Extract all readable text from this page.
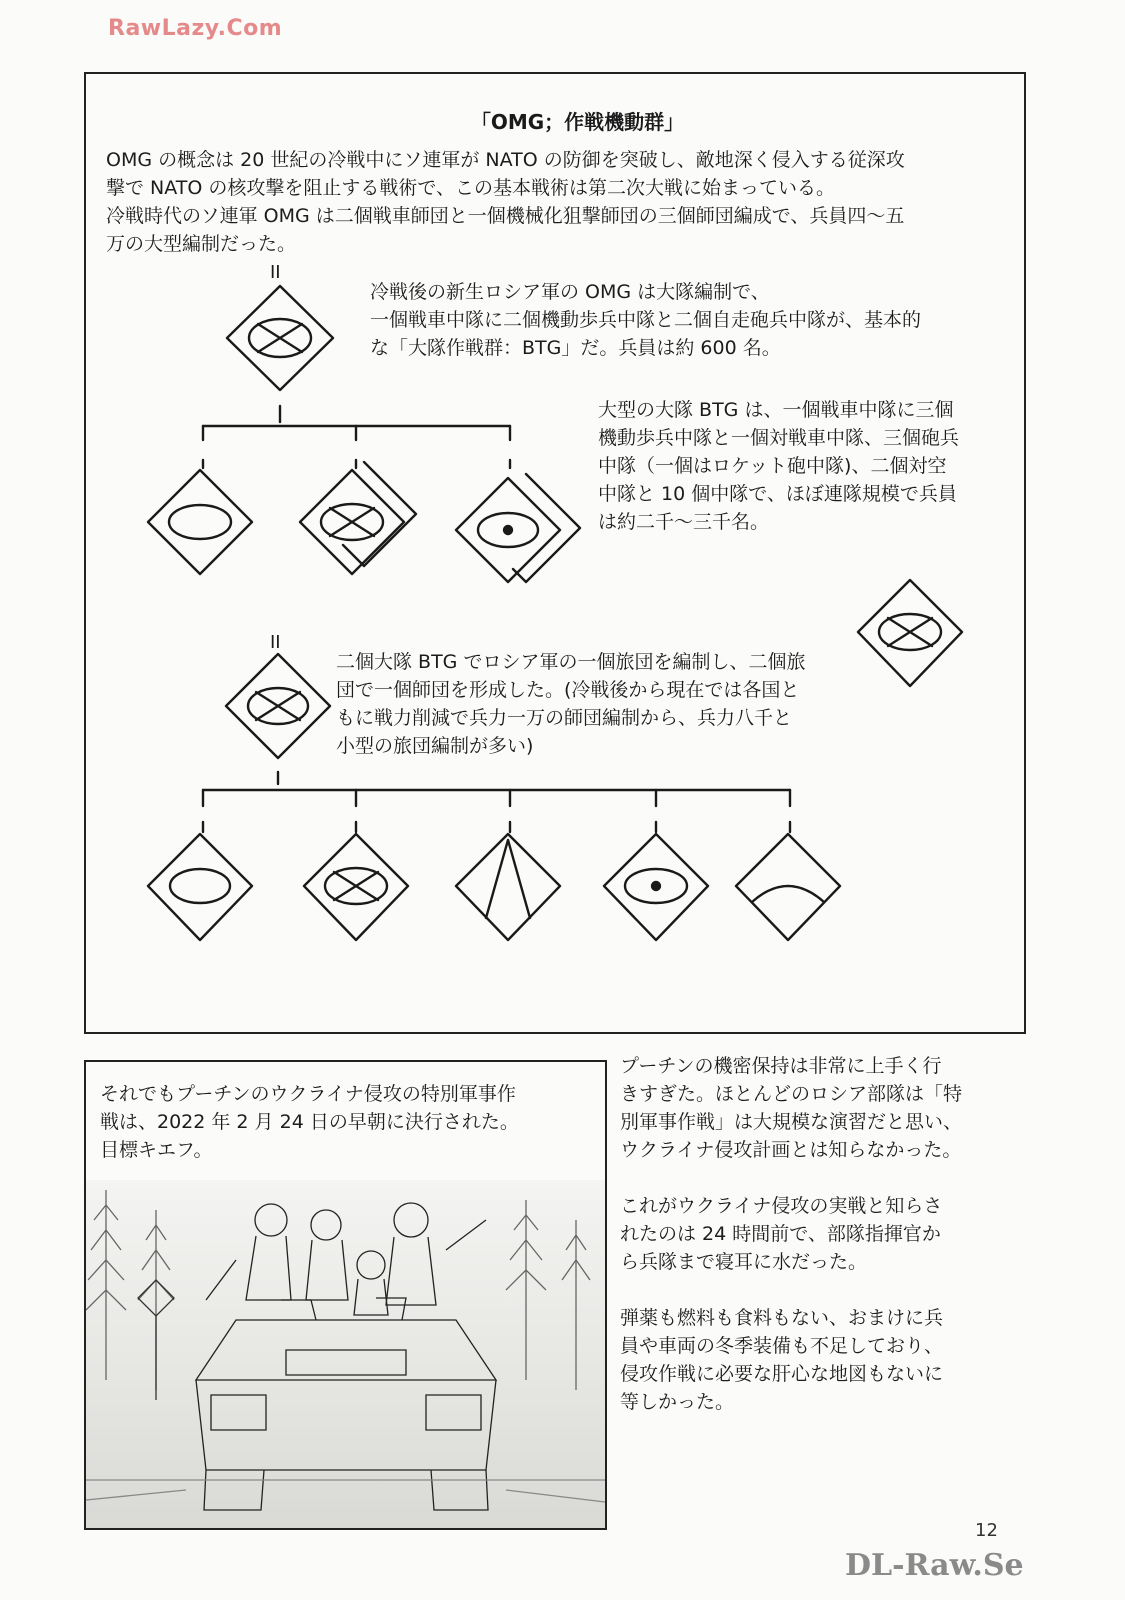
RawLazy.Com
「OMG；作戦機動群」
OMG の概念は 20 世紀の冷戦中にソ連軍が NATO の防御を突破し、敵地深く侵入する従深攻
撃で NATO の核攻撃を阻止する戦術で、この基本戦術は第二次大戦に始まっている。
冷戦時代のソ連軍 OMG は二個戦車師団と一個機械化狙撃師団の三個師団編成で、兵員四〜五
万の大型編制だった。
冷戦後の新生ロシア軍の OMG は大隊編制で、
一個戦車中隊に二個機動歩兵中隊と二個自走砲兵中隊が、基本的
な「大隊作戦群：BTG」だ。兵員は約 600 名。
大型の大隊 BTG は、一個戦車中隊に三個
機動歩兵中隊と一個対戦車中隊、三個砲兵
中隊（一個はロケット砲中隊)、二個対空
中隊と 10 個中隊で、ほぼ連隊規模で兵員
は約二千〜三千名。
二個大隊 BTG でロシア軍の一個旅団を編制し、二個旅
団で一個師団を形成した。(冷戦後から現在では各国と
もに戦力削減で兵力一万の師団編制から、兵力八千と
小型の旅団編制が多い)
II
II
それでもプーチンのウクライナ侵攻の特別軍事作
戦は、2022 年 2 月 24 日の早朝に決行された。
目標キエフ。
プーチンの機密保持は非常に上手く行
きすぎた。ほとんどのロシア部隊は「特
別軍事作戦」は大規模な演習だと思い、
ウクライナ侵攻計画とは知らなかった。
これがウクライナ侵攻の実戦と知らさ
れたのは 24 時間前で、部隊指揮官か
ら兵隊まで寝耳に水だった。
弾薬も燃料も食料もない、おまけに兵
員や車両の冬季装備も不足しており、
侵攻作戦に必要な肝心な地図もないに
等しかった。
12
DL-Raw.Se
